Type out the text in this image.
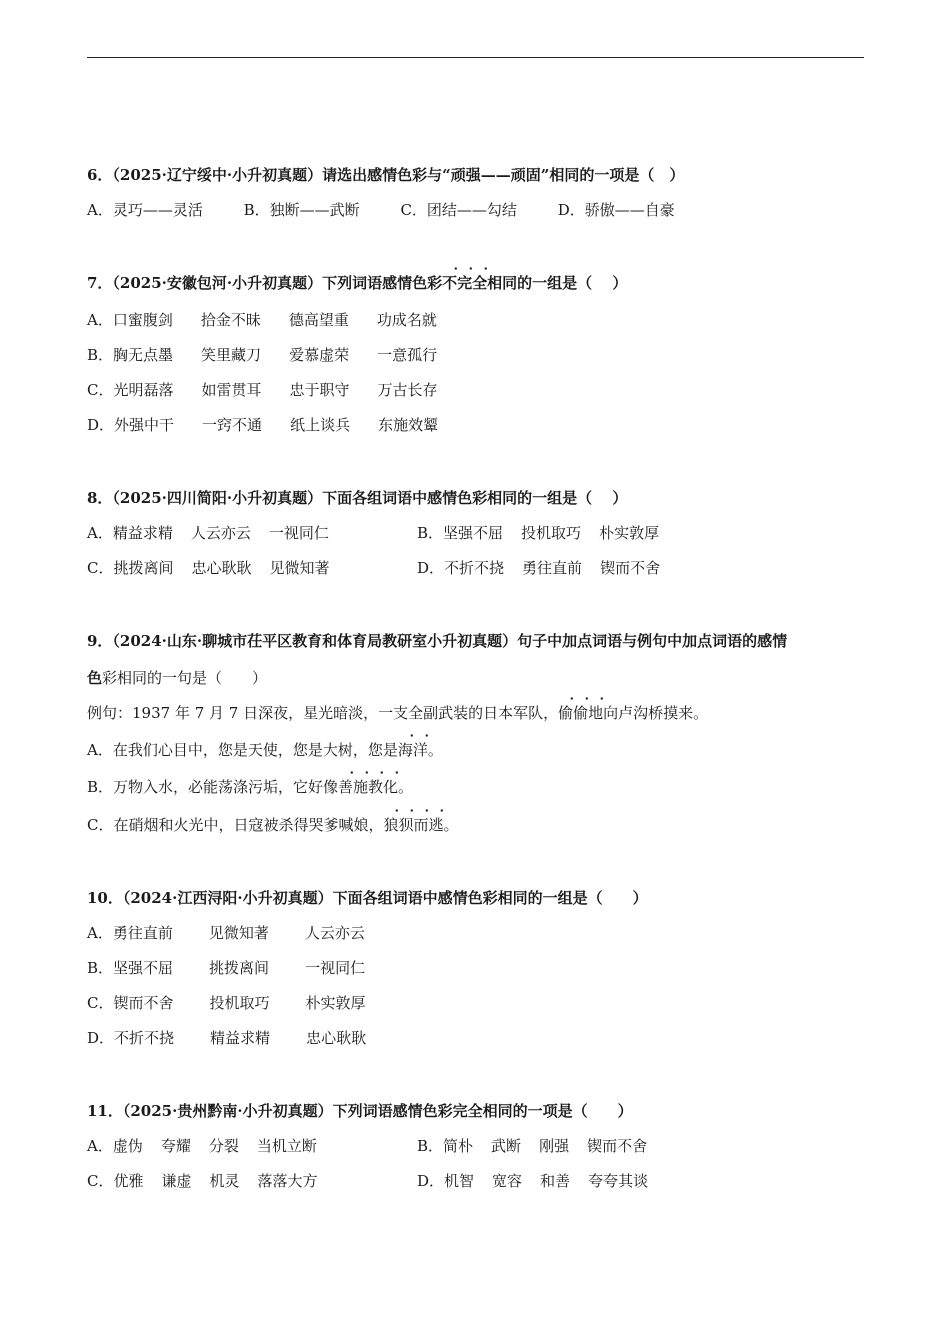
6．（2025·辽宁绥中·小升初真题）请选出感情色彩与“顽强——顽固”相同的一项是（　）
A．灵巧——灵活	B．独断——武断	C．团结——勾结	D．骄傲——自豪
7．（2025·安徽包河·小升初真题）下列词语感情色彩不完全相同的一组是（　 ）
A．口蜜腹剑 拾金不昧 德高望重 功成名就
B．胸无点墨 笑里藏刀 爱慕虚荣 一意孤行
C．光明磊落 如雷贯耳 忠于职守 万古长存
D．外强中干 一窍不通 纸上谈兵 东施效颦
8．（2025·四川简阳·小升初真题）下面各组词语中感情色彩相同的一组是（　 ）
A．精益求精 人云亦云 一视同仁	B．坚强不屈 投机取巧 朴实敦厚
C．挑拨离间 忠心耿耿 见微知著	D．不折不挠 勇往直前 锲而不舍
9．（2024·山东·聊城市茌平区教育和体育局教研室小升初真题）句子中加点词语与例句中加点词语的感情
色彩相同的一句是（　　）
例句：1937 年 7 月 7 日深夜，星光暗淡，一支全副武装的日本军队，偷偷地向卢沟桥摸来。
A．在我们心目中，您是天使，您是大树，您是海洋。
B．万物入水，必能荡涤污垢，它好像善施教化。
C．在硝烟和火光中，日寇被杀得哭爹喊娘，狼狈而逃。
10．（2024·江西浔阳·小升初真题）下面各组词语中感情色彩相同的一组是（　　）
A．勇往直前 见微知著 人云亦云
B．坚强不屈 挑拨离间 一视同仁
C．锲而不舍 投机取巧 朴实敦厚
D．不折不挠 精益求精 忠心耿耿
11．（2025·贵州黔南·小升初真题）下列词语感情色彩完全相同的一项是（　　）
A．虚伪 夸耀 分裂 当机立断	B．简朴 武断 刚强 锲而不舍
C．优雅 谦虚 机灵 落落大方	D．机智 宽容 和善 夸夸其谈
